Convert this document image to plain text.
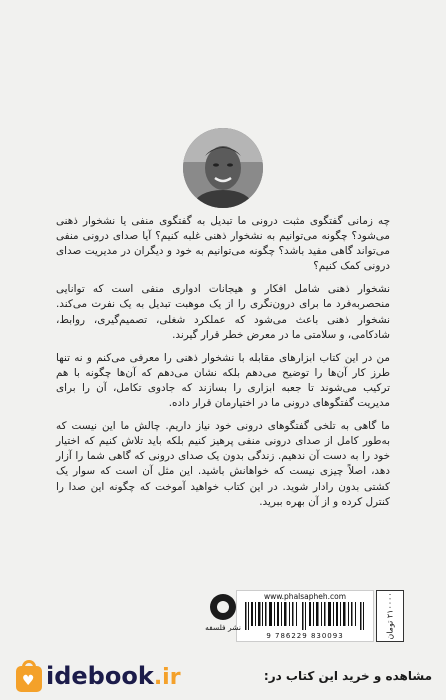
چه زمانی گفتگوی مثبت درونی ما تبدیل به گفتگوی منفی یا نشخوار ذهنی می‌شود؟ چگونه می‌توانیم به نشخوار ذهنی غلبه کنیم؟ آیا صدای درونی منفی می‌تواند گاهی مفید باشد؟ چگونه می‌توانیم به خود و دیگران در مدیریت صدای درونی کمک کنیم؟

نشخوار ذهنی شامل افکار و هیجانات ادواری منفی است که توانایی منحصربه‌فرد ما برای درون‌نگری را از یک موهبت تبدیل به یک نفرت می‌کند. نشخوار ذهنی باعث می‌شود که عملکرد شغلی، تصمیم‌گیری، روابط، شادکامی، و سلامتی ما در معرض خطر قرار گیرند.

من در این کتاب ابزارهای مقابله با نشخوار ذهنی را معرفی می‌کنم و نه تنها طرز کار آن‌ها را توضیح می‌دهم بلکه نشان می‌دهم که آن‌ها چگونه با هم ترکیب می‌شوند تا جعبه ابزاری را بسازند که جادوی تکامل، آن را برای مدیریت گفتگوهای درونی ما در اختیارمان قرار داده.

ما گاهی به تلخی گفتگوهای درونی خود نیاز داریم. چالش ما این نیست که به‌طور کامل از صدای درونی منفی پرهیز کنیم بلکه باید تلاش کنیم که اختیار خود را به دست آن ندهیم. زندگی بدون یک صدای درونی که گاهی شما را آزار دهد، اصلاً چیزی نیست که خواهانش باشید. این مثل آن است که سوار یک کشتی بدون رادار شوید. در این کتاب خواهید آموخت که چگونه این صدا را کنترل کرده و از آن بهره ببرید.

۲۱۰۰۰۰ تومان
www.phalsapheh.com
9 786229 830093
نشر فلسفه
♥ idebook.ir	مشاهده و خرید این کتاب در:
